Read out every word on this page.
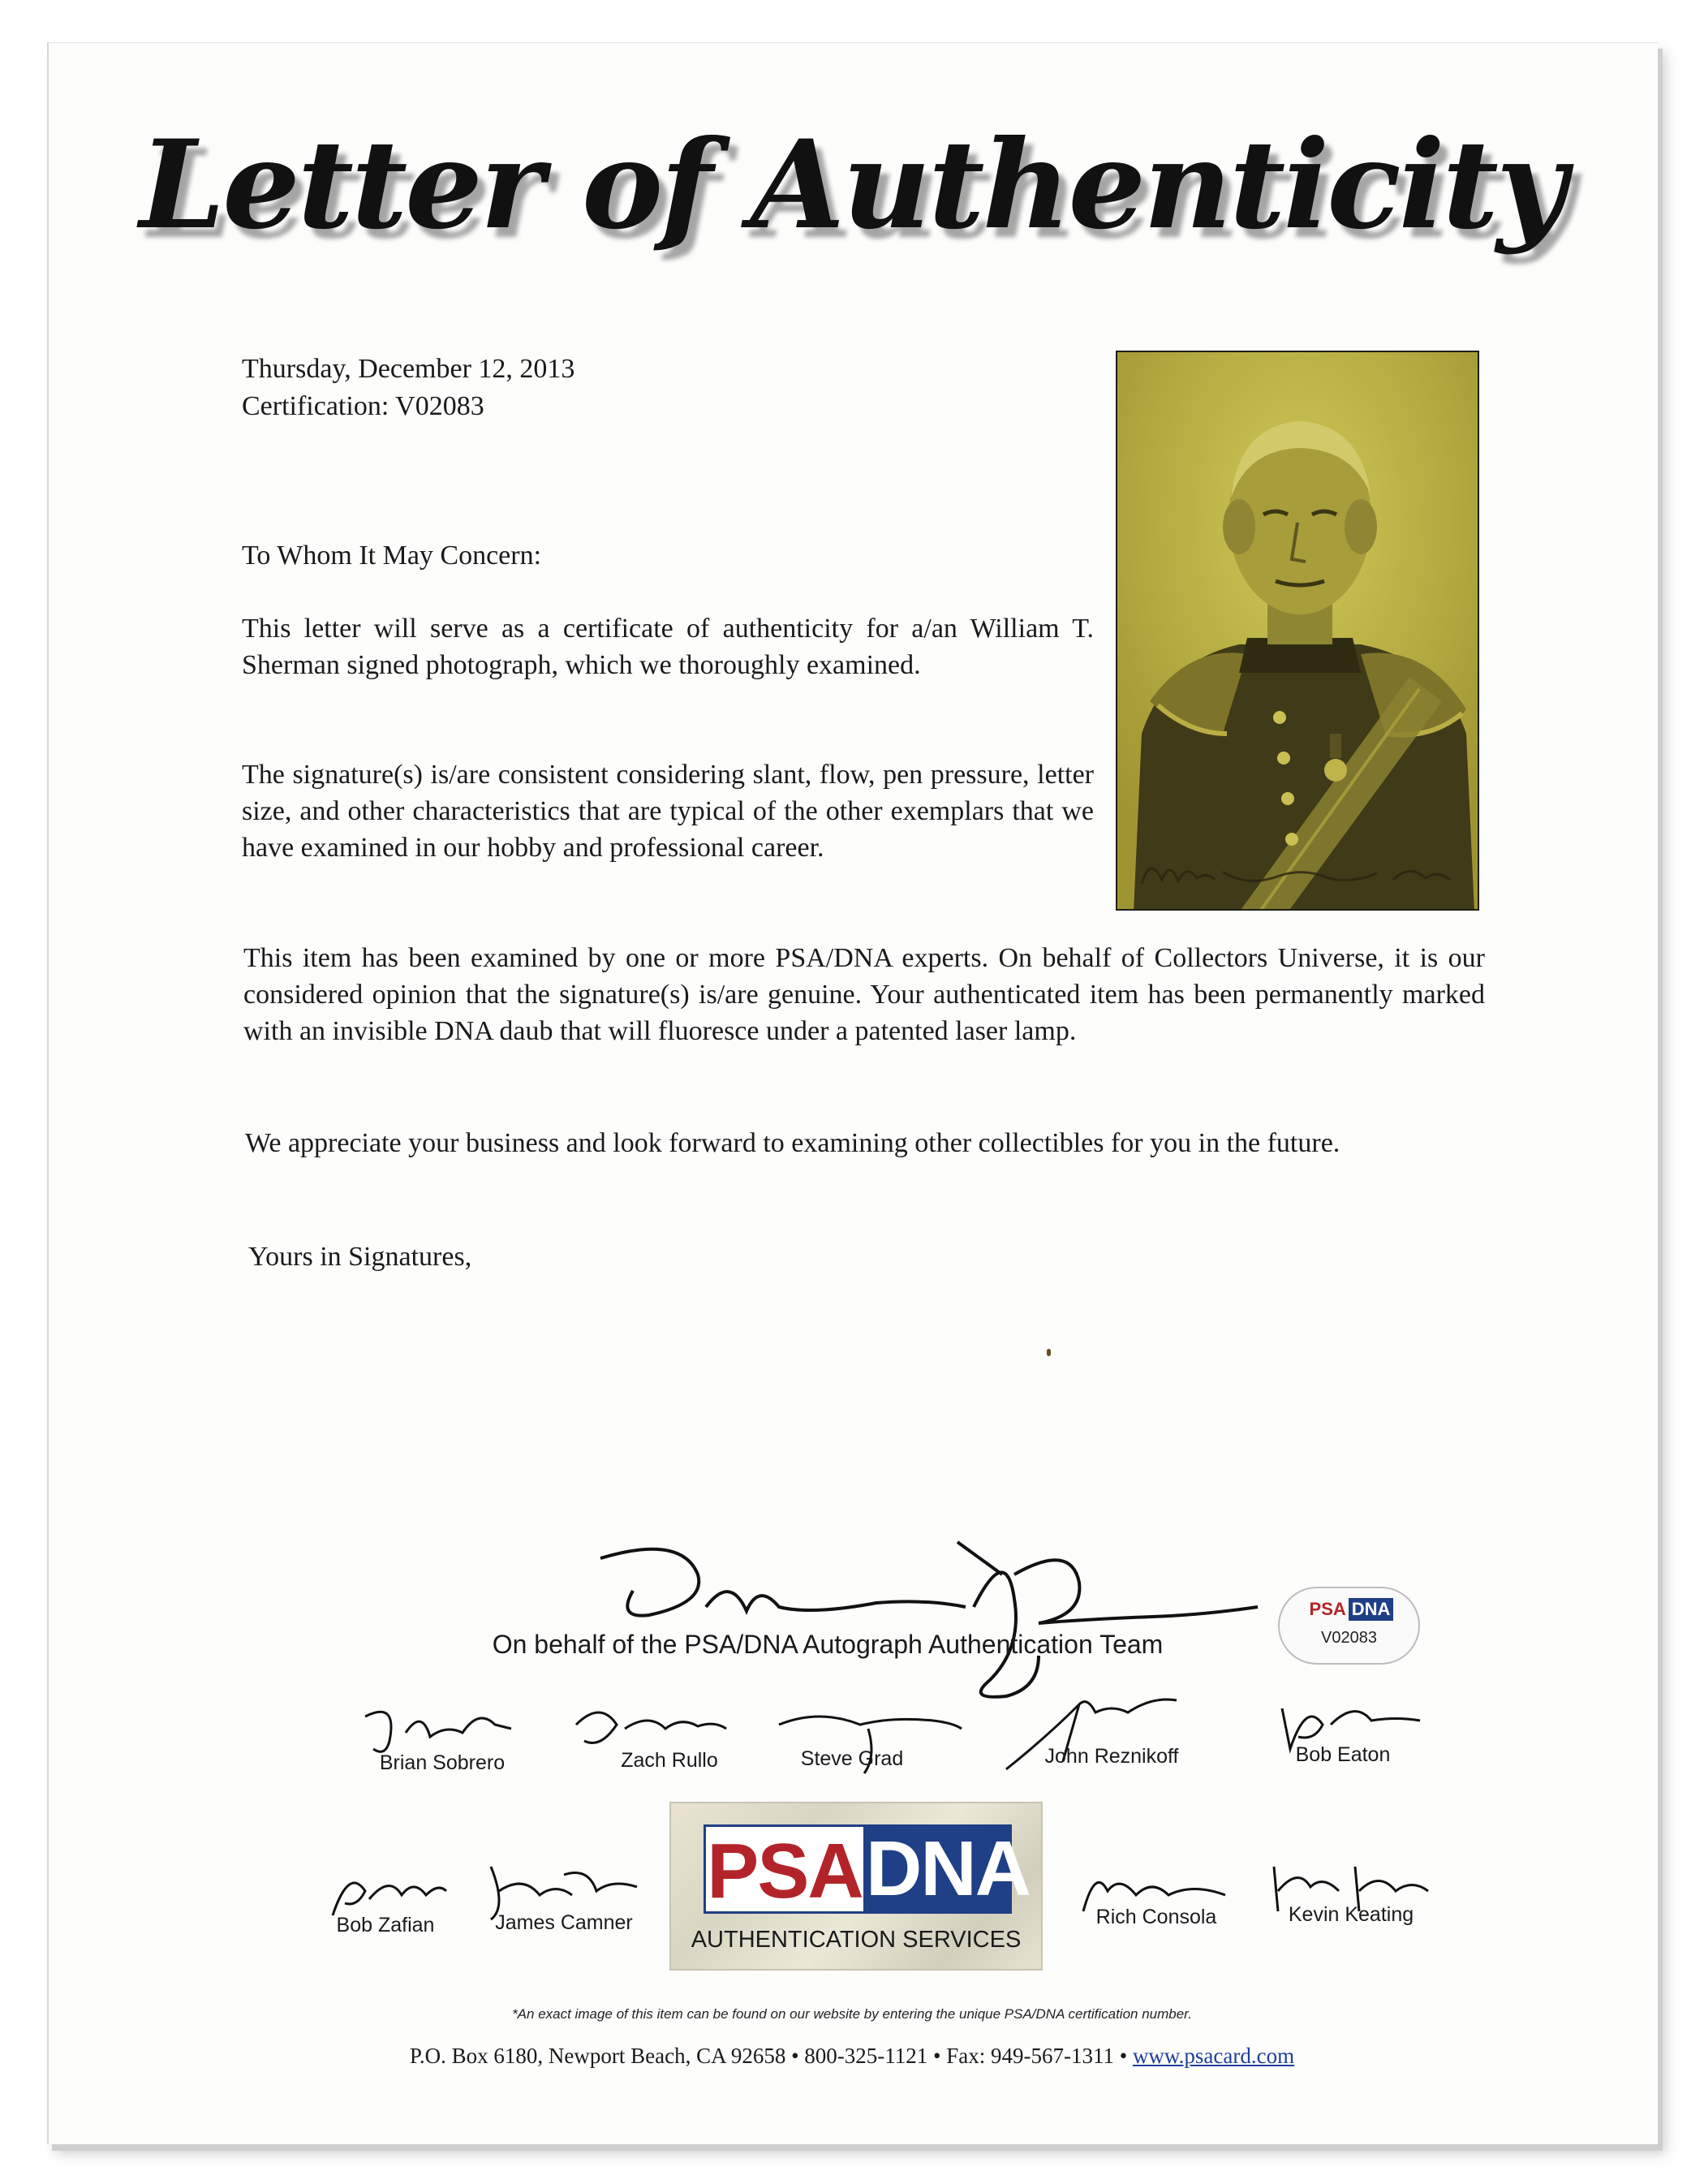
Letter of Authenticity
Thursday, December 12, 2013
Certification: V02083
To Whom It May Concern:
This letter will serve as a certificate of authenticity for a/an William T. Sherman signed photograph, which we thoroughly examined.
The signature(s) is/are consistent considering slant, flow, pen pressure, letter size, and other characteristics that are typical of the other exemplars that we have examined in our hobby and professional career.
This item has been examined by one or more PSA/DNA experts. On behalf of Collectors Universe, it is our considered opinion that the signature(s) is/are genuine. Your authenticated item has been permanently marked with an invisible DNA daub that will fluoresce under a patented laser lamp.
We appreciate your business and look forward to examining other collectibles for you in the future.
Yours in Signatures,
On behalf of the PSA/DNA Autograph Authentication Team
PSA DNA
V02083
Brian Sobrero	Zach Rullo	Steve Grad	John Reznikoff	Bob Eaton
Bob Zafian	James Camner	Rich Consola	Kevin Keating
PSA DNA
AUTHENTICATION SERVICES
*An exact image of this item can be found on our website by entering the unique PSA/DNA certification number.
P.O. Box 6180, Newport Beach, CA 92658 • 800-325-1121 • Fax: 949-567-1311 • www.psacard.com
